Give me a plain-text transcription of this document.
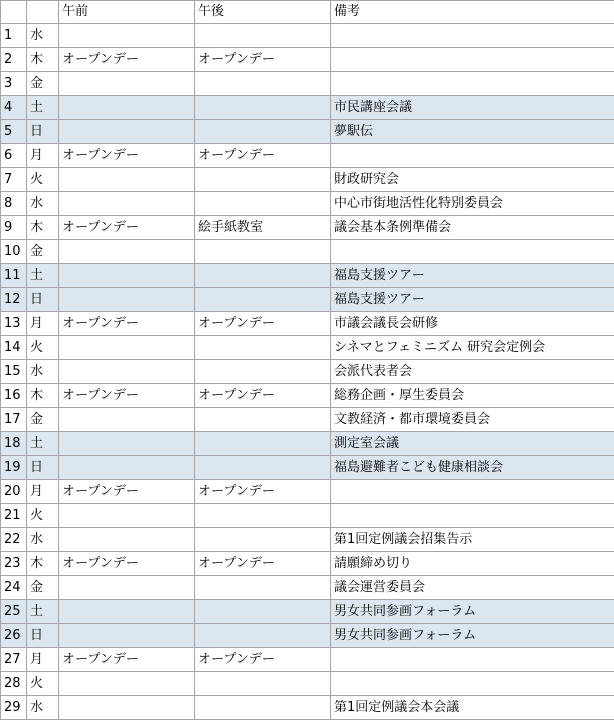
		午前	午後	備考
1	水			
2	木	オープンデー	オープンデー	
3	金			
4	土			市民講座会議
5	日			夢駅伝
6	月	オープンデー	オープンデー	
7	火			財政研究会
8	水			中心市街地活性化特別委員会
9	木	オープンデー	絵手紙教室	議会基本条例準備会
10	金			
11	土			福島支援ツアー
12	日			福島支援ツアー
13	月	オープンデー	オープンデー	市議会議長会研修
14	火			シネマとフェミニズム 研究会定例会
15	水			会派代表者会
16	木	オープンデー	オープンデー	総務企画・厚生委員会
17	金			文教経済・都市環境委員会
18	土			測定室会議
19	日			福島避難者こども健康相談会
20	月	オープンデー	オープンデー	
21	火			
22	水			第1回定例議会招集告示
23	木	オープンデー	オープンデー	請願締め切り
24	金			議会運営委員会
25	土			男女共同参画フォーラム
26	日			男女共同参画フォーラム
27	月	オープンデー	オープンデー	
28	火			
29	水			第1回定例議会本会議
